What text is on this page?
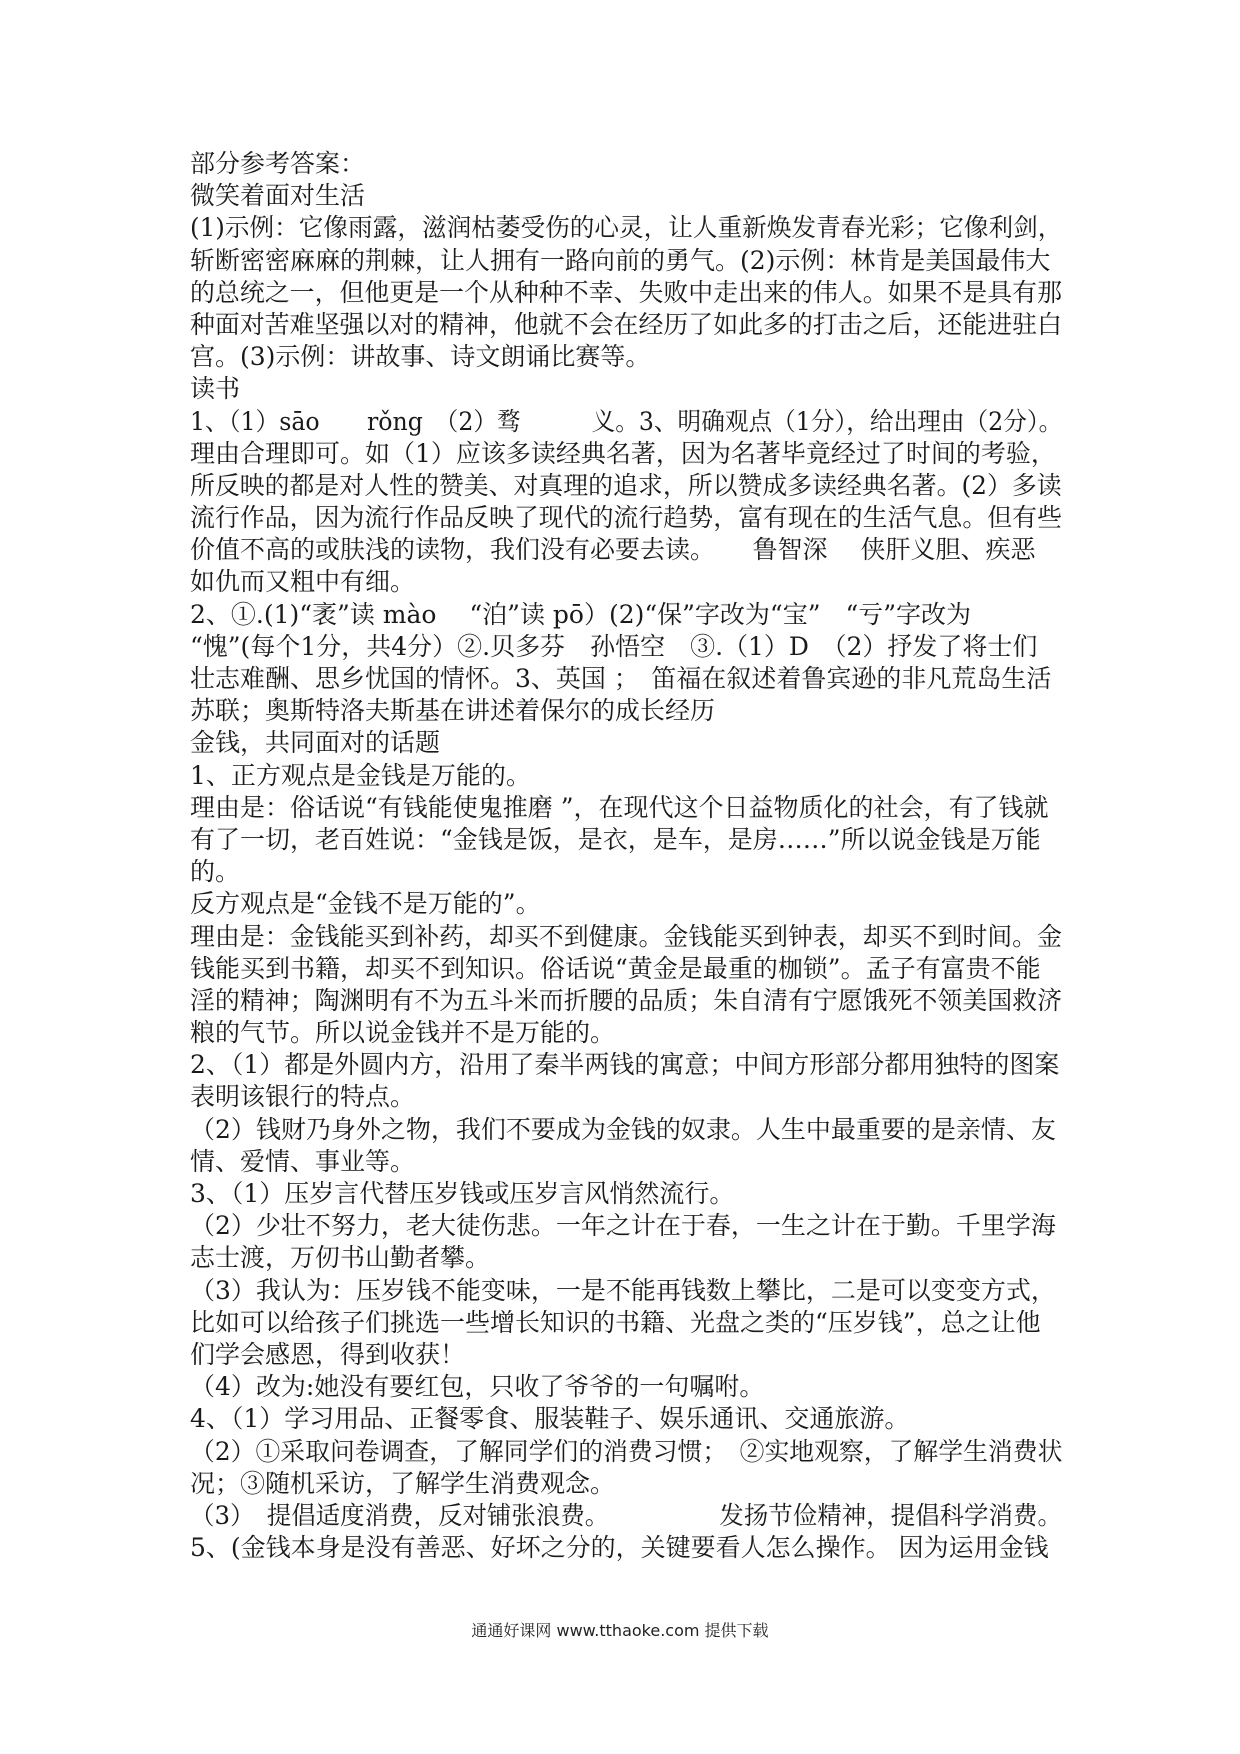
部分参考答案：
微笑着面对生活
(1)示例：它像雨露，滋润枯萎受伤的心灵，让人重新焕发青春光彩；它像利剑，
斩断密密麻麻的荆棘，让人拥有一路向前的勇气。(2)示例：林肯是美国最伟大
的总统之一，但他更是一个从种种不幸、失败中走出来的伟人。如果不是具有那
种面对苦难坚强以对的精神，他就不会在经历了如此多的打击之后，还能进驻白
宫。(3)示例：讲故事、诗文朗诵比赛等。
读书
1、（1）sāo　　rǒng　（2）骛　　　义。3、明确观点（1分），给出理由（2分）。
理由合理即可。如（1）应该多读经典名著，因为名著毕竟经过了时间的考验，
所反映的都是对人性的赞美、对真理的追求，所以赞成多读经典名著。(2）多读
流行作品，因为流行作品反映了现代的流行趋势，富有现在的生活气息。但有些
价值不高的或肤浅的读物，我们没有必要去读。　　鲁智深　 侠肝义胆、疾恶
如仇而又粗中有细。
2、①.(1)“袤”读 mào　 “泊”读 pō）(2)“保”字改为“宝”　“亏”字改为
“愧”(每个1分，共4分）②.贝多芬　孙悟空　③.（1）D　（2）抒发了将士们
壮志难酬、思乡忧国的情怀。3、英国 ；　笛福在叙述着鲁宾逊的非凡荒岛生活
苏联；奥斯特洛夫斯基在讲述着保尔的成长经历
金钱，共同面对的话题
1、正方观点是金钱是万能的。
理由是：俗话说“有钱能使鬼推磨 ”，在现代这个日益物质化的社会，有了钱就
有了一切，老百姓说：“金钱是饭，是衣，是车，是房……”所以说金钱是万能
的。
反方观点是“金钱不是万能的”。
理由是：金钱能买到补药，却买不到健康。金钱能买到钟表，却买不到时间。金
钱能买到书籍，却买不到知识。俗话说“黄金是最重的枷锁”。孟子有富贵不能
淫的精神；陶渊明有不为五斗米而折腰的品质；朱自清有宁愿饿死不领美国救济
粮的气节。所以说金钱并不是万能的。
2、（1）都是外圆内方，沿用了秦半两钱的寓意；中间方形部分都用独特的图案
表明该银行的特点。
（2）钱财乃身外之物，我们不要成为金钱的奴隶。人生中最重要的是亲情、友
情、爱情、事业等。
3、（1）压岁言代替压岁钱或压岁言风悄然流行。
（2）少壮不努力，老大徒伤悲。一年之计在于春，一生之计在于勤。千里学海
志士渡，万仞书山勤者攀。
（3）我认为：压岁钱不能变味，一是不能再钱数上攀比，二是可以变变方式，
比如可以给孩子们挑选一些增长知识的书籍、光盘之类的“压岁钱”，总之让他
们学会感恩，得到收获！
（4）改为:她没有要红包，只收了爷爷的一句嘱咐。
4、（1）学习用品、正餐零食、服装鞋子、娱乐通讯、交通旅游。
（2）①采取问卷调查，了解同学们的消费习惯；　②实地观察，了解学生消费状
况；③随机采访，了解学生消费观念。
（3）　提倡适度消费，反对铺张浪费。　　　　　发扬节俭精神，提倡科学消费。
5、(金钱本身是没有善恶、好坏之分的，关键要看人怎么操作。 因为运用金钱
通通好课网 www.tthaoke.com 提供下载
